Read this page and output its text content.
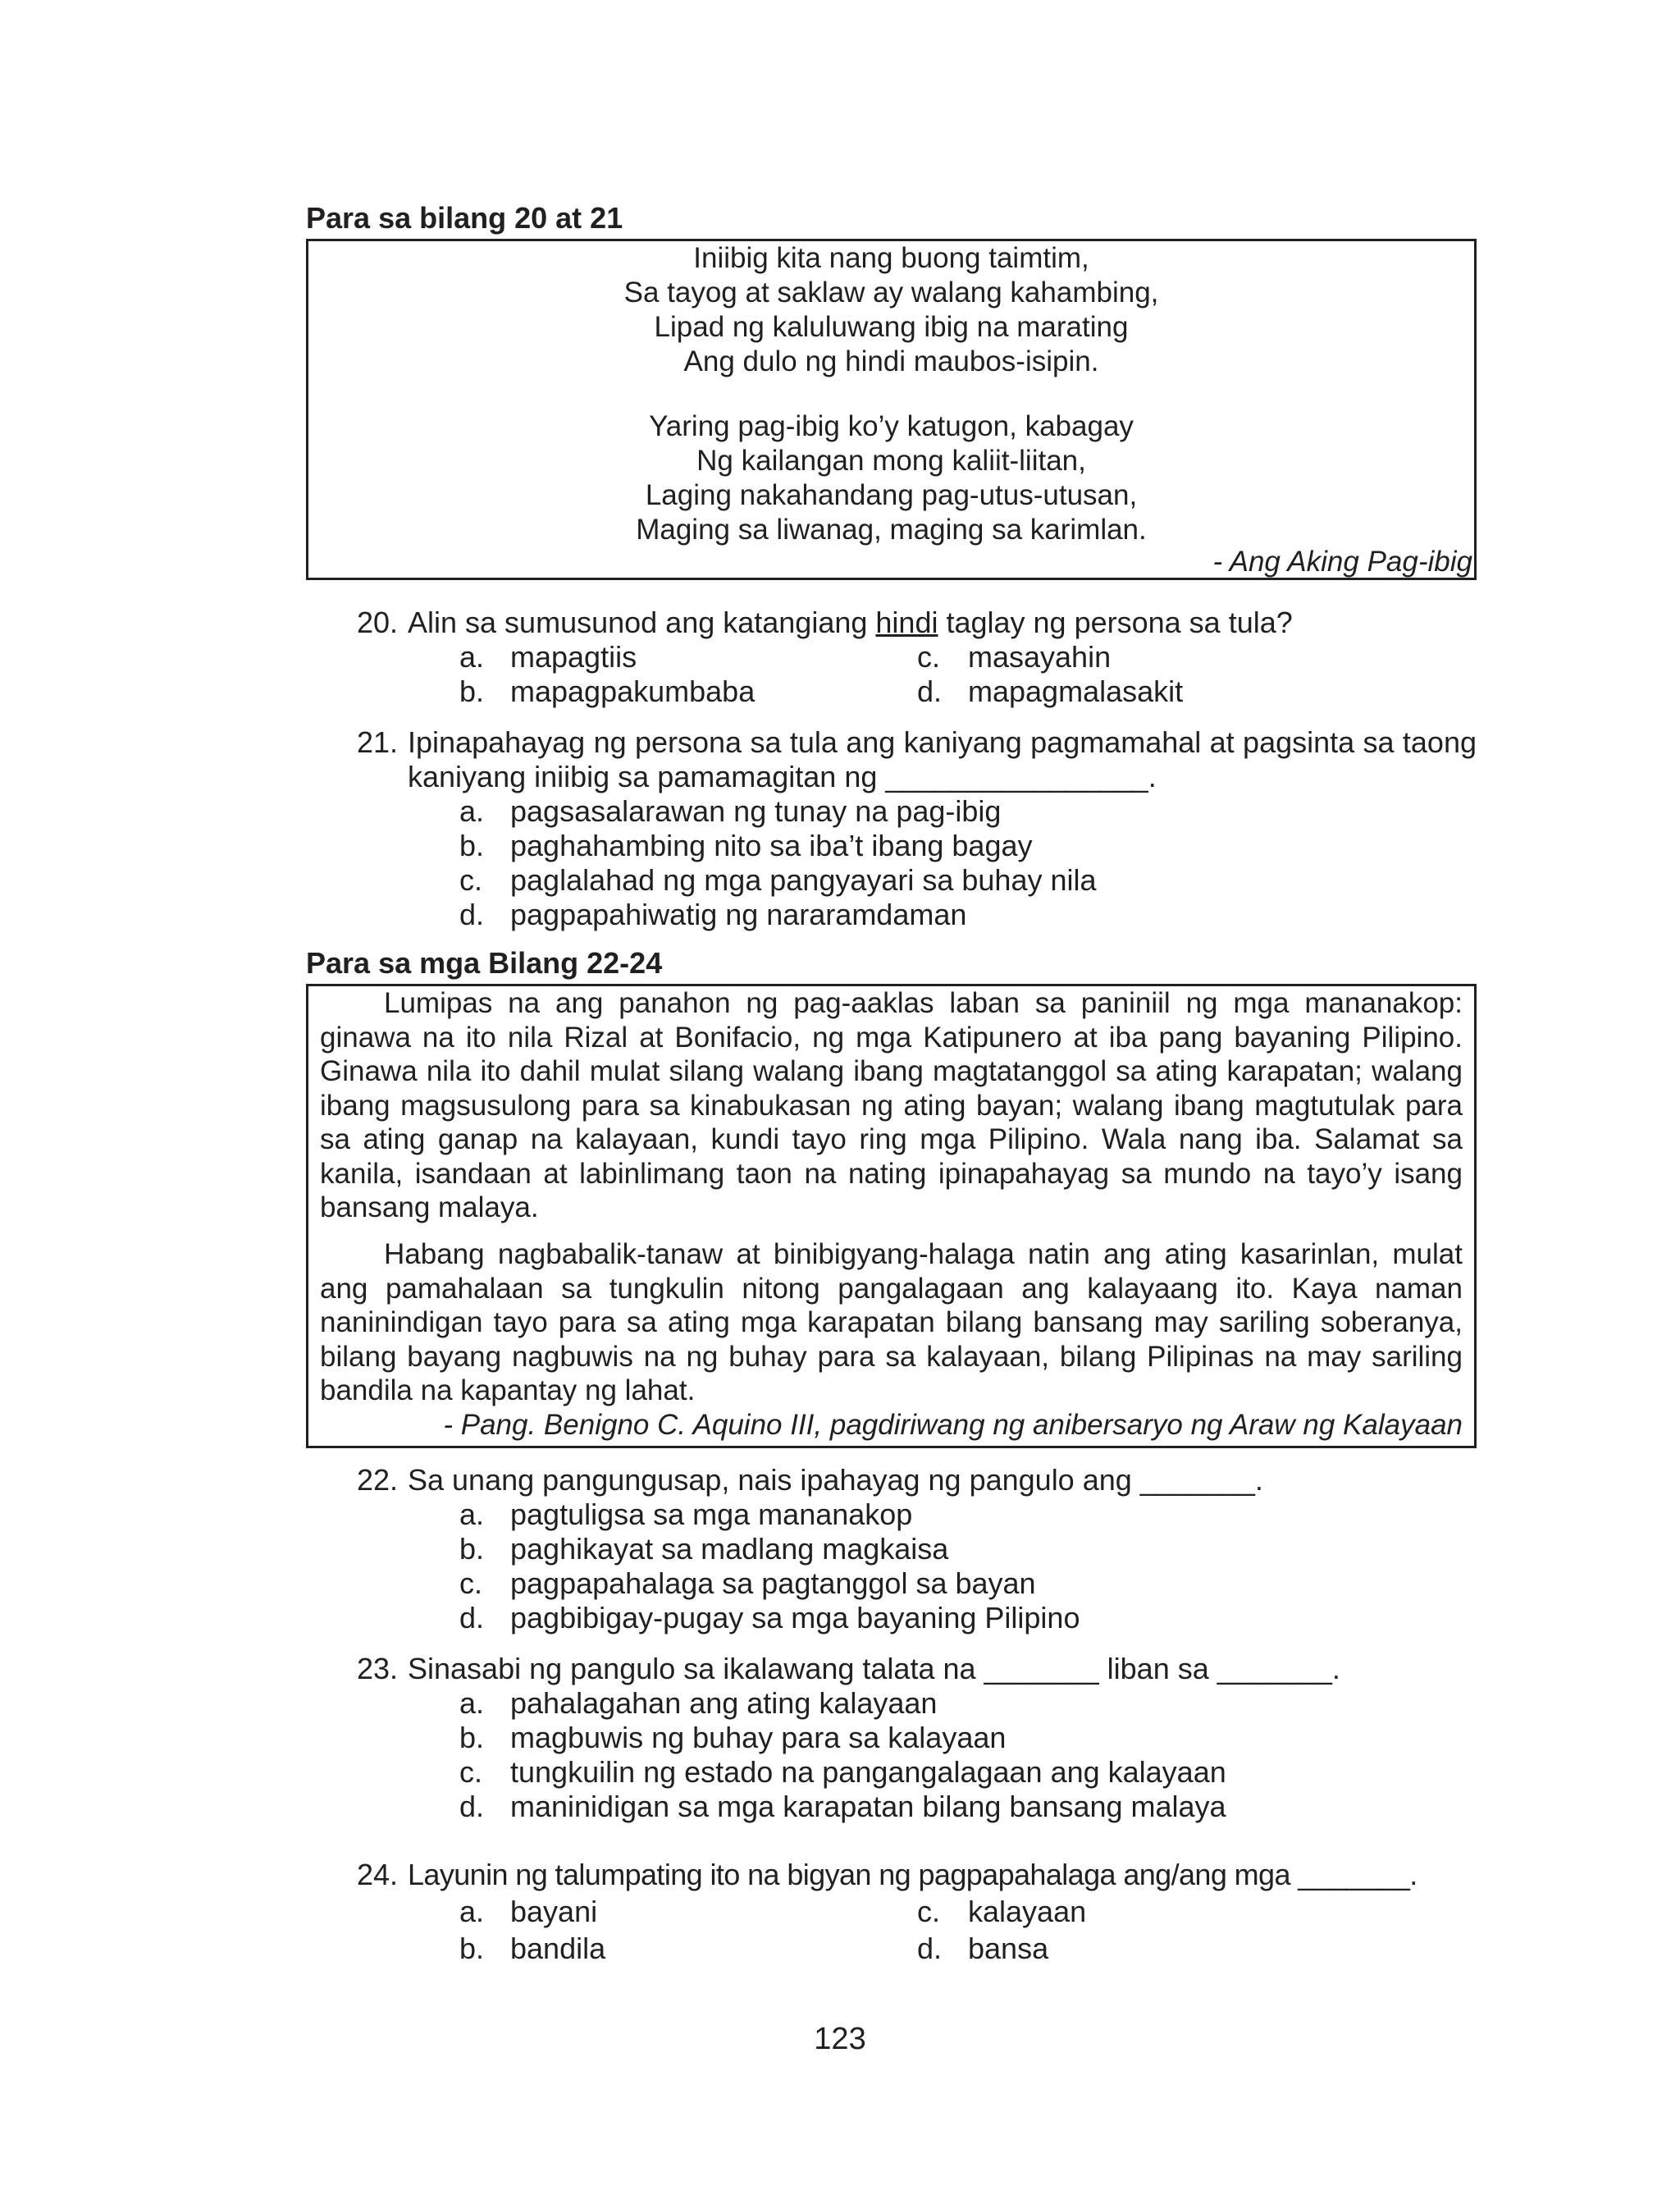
Para sa bilang 20 at 21
Iniibig kita nang buong taimtim,
Sa tayog at saklaw ay walang kahambing,
Lipad ng kaluluwang ibig na marating
Ang dulo ng hindi maubos-isipin.
Yaring pag-ibig ko’y katugon, kabagay
Ng kailangan mong kaliit-liitan,
Laging nakahandang pag-utus-utusan,
Maging sa liwanag, maging sa karimlan.
- Ang Aking Pag-ibig
20. Alin sa sumusunod ang katangiang hindi taglay ng persona sa tula?
a. mapagtiis
b. mapagpakumbaba
c. masayahin
d. mapagmalasakit
21. Ipinapahayag ng persona sa tula ang kaniyang pagmamahal at pagsinta sa taong kaniyang iniibig sa pamamagitan ng ________________.
a. pagsasalarawan ng tunay na pag-ibig
b. paghahambing nito sa iba’t ibang bagay
c. paglalahad ng mga pangyayari sa buhay nila
d. pagpapahiwatig ng nararamdaman
Para sa mga Bilang 22-24

Lumipas na ang panahon ng pag-aaklas laban sa paniniil ng mga mananakop: ginawa na ito nila Rizal at Bonifacio, ng mga Katipunero at iba pang bayaning Pilipino. Ginawa nila ito dahil mulat silang walang ibang magtatanggol sa ating karapatan; walang ibang magsusulong para sa kinabukasan ng ating bayan; walang ibang magtutulak para sa ating ganap na kalayaan, kundi tayo ring mga Pilipino. Wala nang iba. Salamat sa kanila, isandaan at labinlimang taon na nating ipinapahayag sa mundo na tayo’y isang bansang malaya.

Habang nagbabalik-tanaw at binibigyang-halaga natin ang ating kasarinlan, mulat ang pamahalaan sa tungkulin nitong pangalagaan ang kalayaang ito. Kaya naman naninindigan tayo para sa ating mga karapatan bilang bansang may sariling soberanya, bilang bayang nagbuwis na ng buhay para sa kalayaan, bilang Pilipinas na may sariling bandila na kapantay ng lahat.

- Pang. Benigno C. Aquino III, pagdiriwang ng anibersaryo ng Araw ng Kalayaan
22. Sa unang pangungusap, nais ipahayag ng pangulo ang _______.
a. pagtuligsa sa mga mananakop
b. paghikayat sa madlang magkaisa
c. pagpapahalaga sa pagtanggol sa bayan
d. pagbibigay-pugay sa mga bayaning Pilipino
23. Sinasabi ng pangulo sa ikalawang talata na _______ liban sa _______.
a. pahalagahan ang ating kalayaan
b. magbuwis ng buhay para sa kalayaan
c. tungkuilin ng estado na pangangalagaan ang kalayaan
d. maninidigan sa mga karapatan bilang bansang malaya
24. Layunin ng talumpating ito na bigyan ng pagpapahalaga ang/ang mga _______.
a. bayani
b. bandila
c. kalayaan
d. bansa
123
